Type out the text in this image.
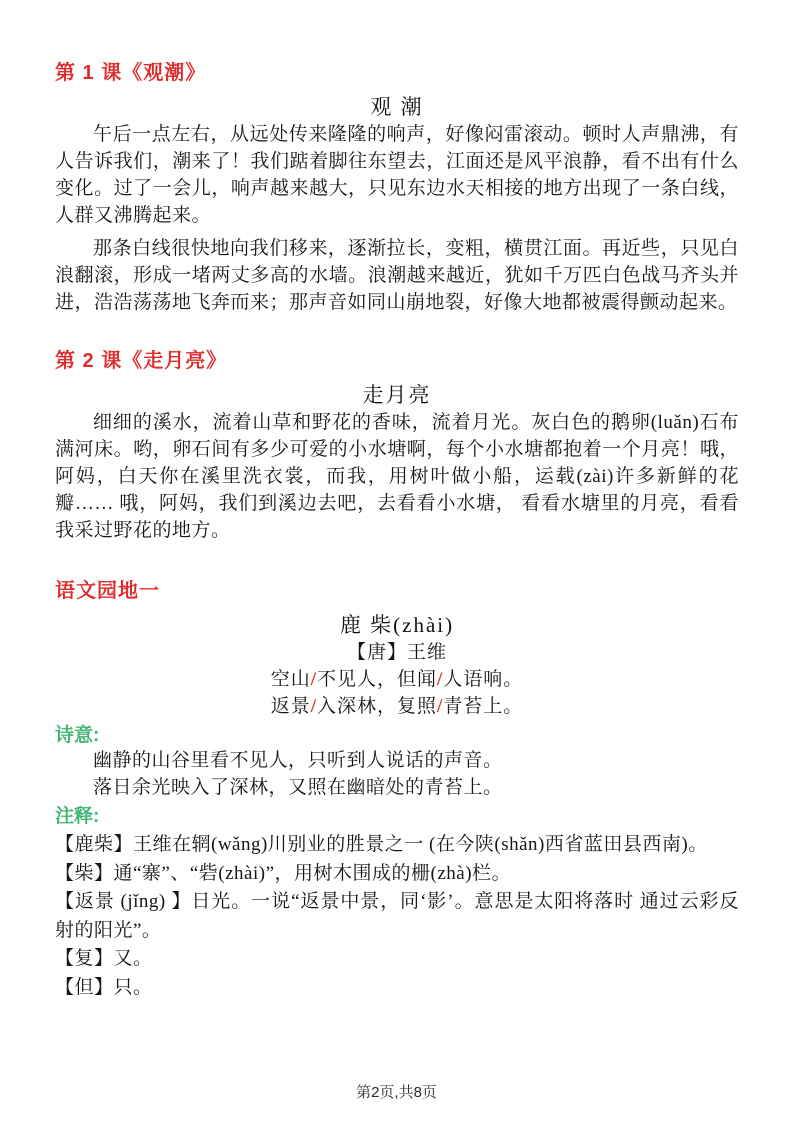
第 1 课《观潮》
观 潮

午后一点左右，从远处传来隆隆的响声，好像闷雷滚动。顿时人声鼎沸，有人告诉我们，潮来了！我们踮着脚往东望去，江面还是风平浪静，看不出有什么变化。过了一会儿，响声越来越大，只见东边水天相接的地方出现了一条白线，人群又沸腾起来。

那条白线很快地向我们移来，逐渐拉长，变粗，横贯江面。再近些，只见白浪翻滚，形成一堵两丈多高的水墙。浪潮越来越近，犹如千万匹白色战马齐头并进，浩浩荡荡地飞奔而来；那声音如同山崩地裂，好像大地都被震得颤动起来。

第 2 课《走月亮》
走月亮

细细的溪水，流着山草和野花的香味，流着月光。灰白色的鹅卵(luǎn)石布满河床。哟，卵石间有多少可爱的小水塘啊，每个小水塘都抱着一个月亮！哦，阿妈，白天你在溪里洗衣裳，而我，用树叶做小船，运载(zài)许多新鲜的花瓣…… 哦，阿妈，我们到溪边去吧，去看看小水塘， 看看水塘里的月亮，看看我采过野花的地方。

语文园地一
鹿 柴(zhài)
【唐】王维
空山/不见人，但闻/人语响。
返景/入深林，复照/青苔上。
诗意:
幽静的山谷里看不见人，只听到人说话的声音。
落日余光映入了深林，又照在幽暗处的青苔上。
注释:
【鹿柴】王维在辋(wǎng)川别业的胜景之一 (在今陕(shǎn)西省蓝田县西南)。
【柴】通“寨”、“砦(zhài)”，用树木围成的栅(zhà)栏。
【返景 (jǐng) 】日光。一说“返景中景，同‘影’。意思是太阳将落时 通过云彩反射的阳光”。
【复】又。
【但】只。
第2页,共8页
